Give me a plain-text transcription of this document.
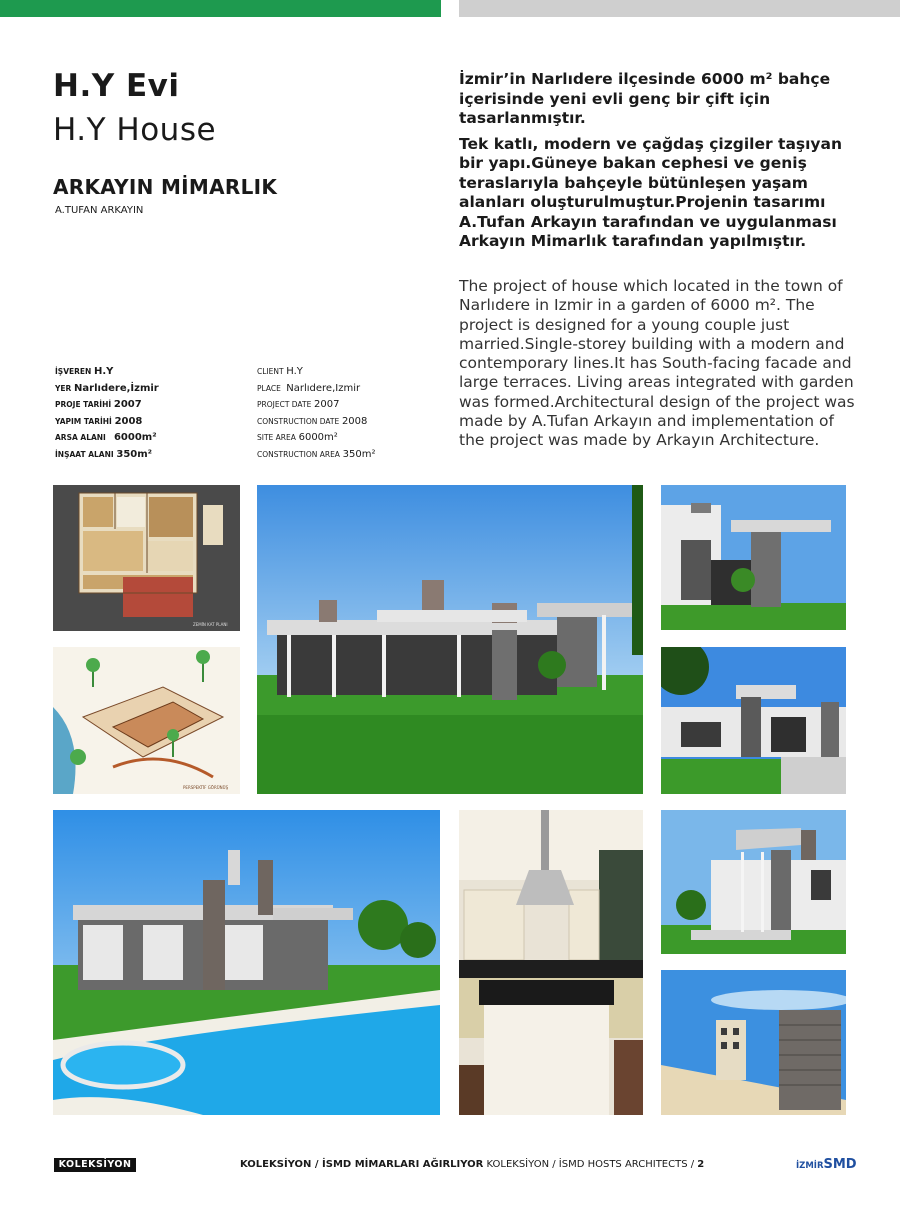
H.Y Evi
H.Y House
ARKAYIN MİMARLIK
A.TUFAN ARKAYIN
İŞVEREN H.Y
YER Narlıdere,İzmir
PROJE TARİHİ 2007
YAPIM TARİHİ 2008
ARSA ALANI 6000m²
İNŞAAT ALANI 350m²
CLIENT H.Y
PLACE Narlıdere,Izmir
PROJECT DATE 2007
CONSTRUCTION DATE 2008
SITE AREA 6000m²
CONSTRUCTION AREA 350m²

İzmir’in Narlıdere ilçesinde 6000 m² bahçe içerisinde yeni evli genç bir çift için tasarlanmıştır.

Tek katlı, modern ve çağdaş çizgiler taşıyan bir yapı.Güneye bakan cephesi ve geniş teraslarıyla bahçeyle bütünleşen yaşam alanları oluşturulmuştur.Projenin tasarımı A.Tufan Arkayın tarafından ve uygulanması Arkayın Mimarlık tarafından yapılmıştır.

The project of house which located in the town of Narlıdere in Izmir in a garden of 6000 m². The project is designed for a young couple just married.Single-storey building with a modern and contemporary lines.It has South-facing facade and large terraces. Living areas integrated with garden was formed.Architectural design of the project was made by A.Tufan Arkayın and implementation of the project was made by Arkayın Architecture.
ZEMİN KAT PLANI
PERSPEKTİF GÖRÜNÜŞ
KOLEKSİYON	KOLEKSİYON / İSMD MİMARLARI AĞIRLIYOR KOLEKSİYON / İSMD HOSTS ARCHITECTS / 2	İZMİRSMD
